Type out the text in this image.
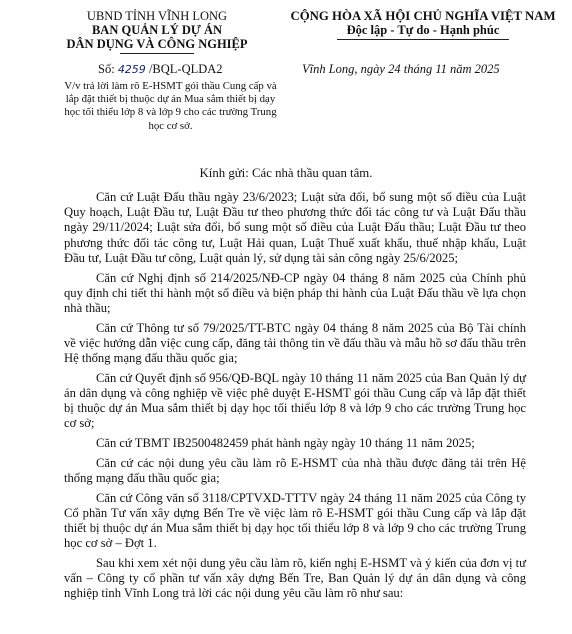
UBND TỈNH VĨNH LONG
BAN QUẢN LÝ DỰ ÁN
DÂN DỤNG VÀ CÔNG NGHIỆP
CỘNG HÒA XÃ HỘI CHỦ NGHĨA VIỆT NAM
Độc lập - Tự do - Hạnh phúc
Số: 4259 /BQL-QLDA2	Vĩnh Long, ngày 24 tháng 11 năm 2025
V/v trả lời làm rõ E-HSMT gói thầu Cung cấp và lắp đặt thiết bị thuộc dự án Mua sắm thiết bị dạy học tối thiểu lớp 8 và lớp 9 cho các trường Trung học cơ sở.
Kính gửi: Các nhà thầu quan tâm.

Căn cứ Luật Đấu thầu ngày 23/6/2023; Luật sửa đổi, bổ sung một số điều của Luật Quy hoạch, Luật Đầu tư, Luật Đầu tư theo phương thức đối tác công tư và Luật Đấu thầu ngày 29/11/2024; Luật sửa đổi, bổ sung một số điều của Luật Đấu thầu; Luật Đầu tư theo phương thức đối tác công tư, Luật Hải quan, Luật Thuế xuất khẩu, thuế nhập khẩu, Luật Đầu tư, Luật Đầu tư công, Luật quản lý, sử dụng tài sản công ngày 25/6/2025;

Căn cứ Nghị định số 214/2025/NĐ-CP ngày 04 tháng 8 năm 2025 của Chính phủ quy định chi tiết thi hành một số điều và biện pháp thi hành của Luật Đấu thầu về lựa chọn nhà thầu;

Căn cứ Thông tư số 79/2025/TT-BTC ngày 04 tháng 8 năm 2025 của Bộ Tài chính về việc hướng dẫn việc cung cấp, đăng tải thông tin về đấu thầu và mẫu hồ sơ đấu thầu trên Hệ thống mạng đấu thầu quốc gia;

Căn cứ Quyết định số 956/QĐ-BQL ngày 10 tháng 11 năm 2025 của Ban Quản lý dự án dân dụng và công nghiệp về việc phê duyệt E-HSMT gói thầu Cung cấp và lắp đặt thiết bị thuộc dự án Mua sắm thiết bị dạy học tối thiểu lớp 8 và lớp 9 cho các trường Trung học cơ sở;

Căn cứ TBMT IB2500482459 phát hành ngày ngày 10 tháng 11 năm 2025;

Căn cứ các nội dung yêu cầu làm rõ E-HSMT của nhà thầu được đăng tải trên Hệ thống mạng đấu thầu quốc gia;

Căn cứ Công văn số 3118/CPTVXD-TTTV ngày 24 tháng 11 năm 2025 của Công ty Cổ phần Tư vấn xây dựng Bến Tre về việc làm rõ E-HSMT gói thầu Cung cấp và lắp đặt thiết bị thuộc dự án Mua sắm thiết bị dạy học tối thiểu lớp 8 và lớp 9 cho các trường Trung học cơ sở – Đợt 1.

Sau khi xem xét nội dung yêu cầu làm rõ, kiến nghị E-HSMT và ý kiến của đơn vị tư vấn – Công ty cổ phần tư vấn xây dựng Bến Tre, Ban Quản lý dự án dân dụng và công nghiệp tỉnh Vĩnh Long trả lời các nội dung yêu cầu làm rõ như sau:
